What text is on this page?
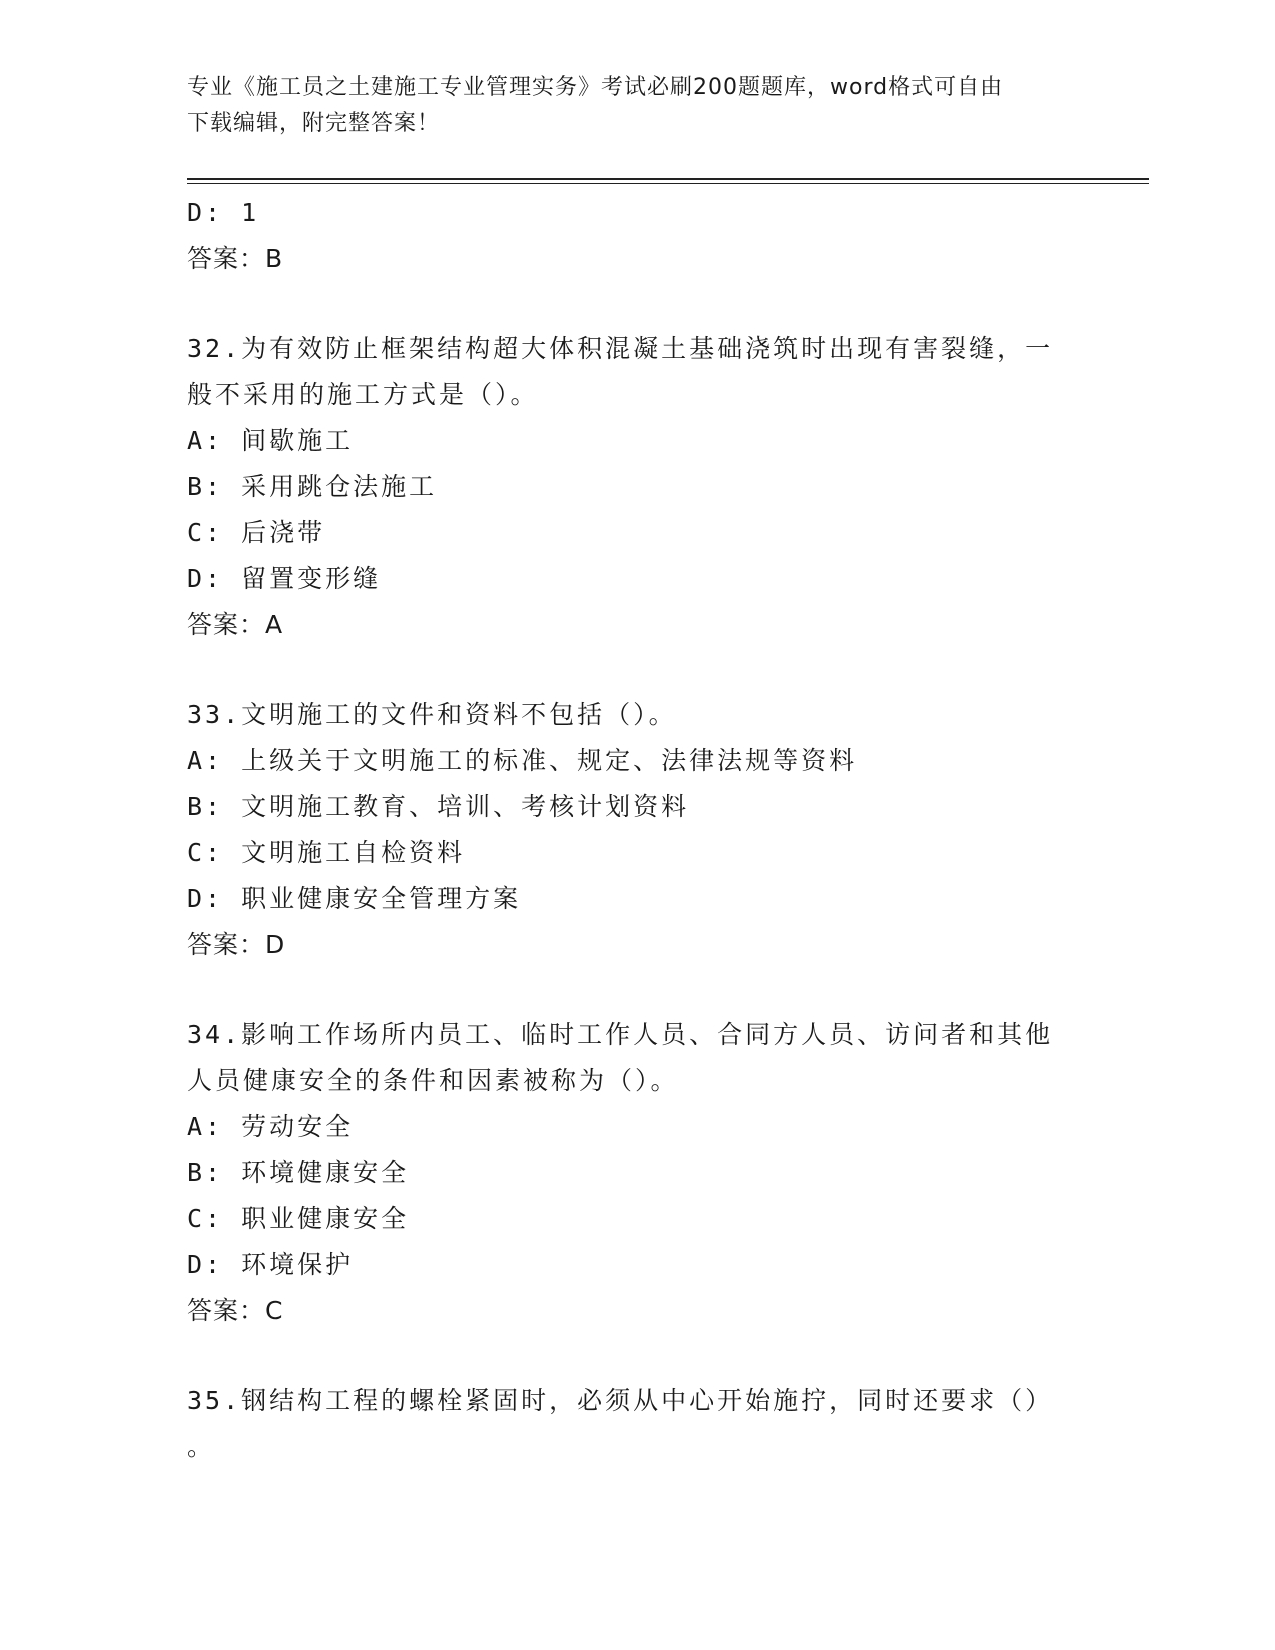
专业《施工员之土建施工专业管理实务》考试必刷200题题库，word格式可自由
下载编辑，附完整答案！
D: 1
答案：B
32.为有效防止框架结构超大体积混凝土基础浇筑时出现有害裂缝，一
般不采用的施工方式是（）。
A: 间歇施工
B: 采用跳仓法施工
C: 后浇带
D: 留置变形缝
答案：A
33.文明施工的文件和资料不包括（）。
A: 上级关于文明施工的标准、规定、法律法规等资料
B: 文明施工教育、培训、考核计划资料
C: 文明施工自检资料
D: 职业健康安全管理方案
答案：D
34.影响工作场所内员工、临时工作人员、合同方人员、访问者和其他
人员健康安全的条件和因素被称为（）。
A: 劳动安全
B: 环境健康安全
C: 职业健康安全
D: 环境保护
答案：C
35.钢结构工程的螺栓紧固时，必须从中心开始施拧，同时还要求（）
。
